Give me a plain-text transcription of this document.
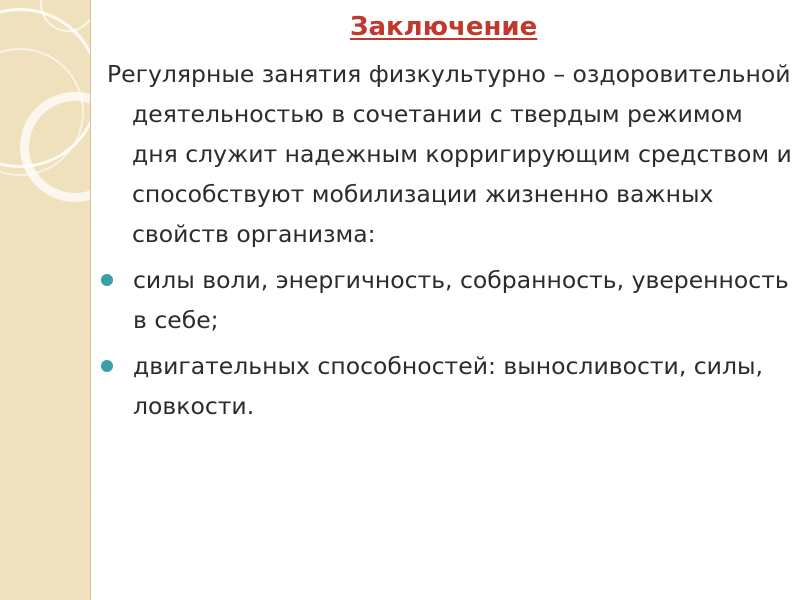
Заключение

Регулярные занятия физкультурно – оздоровительной деятельностью в сочетании с твердым режимом дня служит надежным корригирующим средством и способствуют мобилизации жизненно важных свойств организма:

силы воли, энергичность, собранность, уверенность в себе;
двигательных способностей: выносливости, силы, ловкости.
